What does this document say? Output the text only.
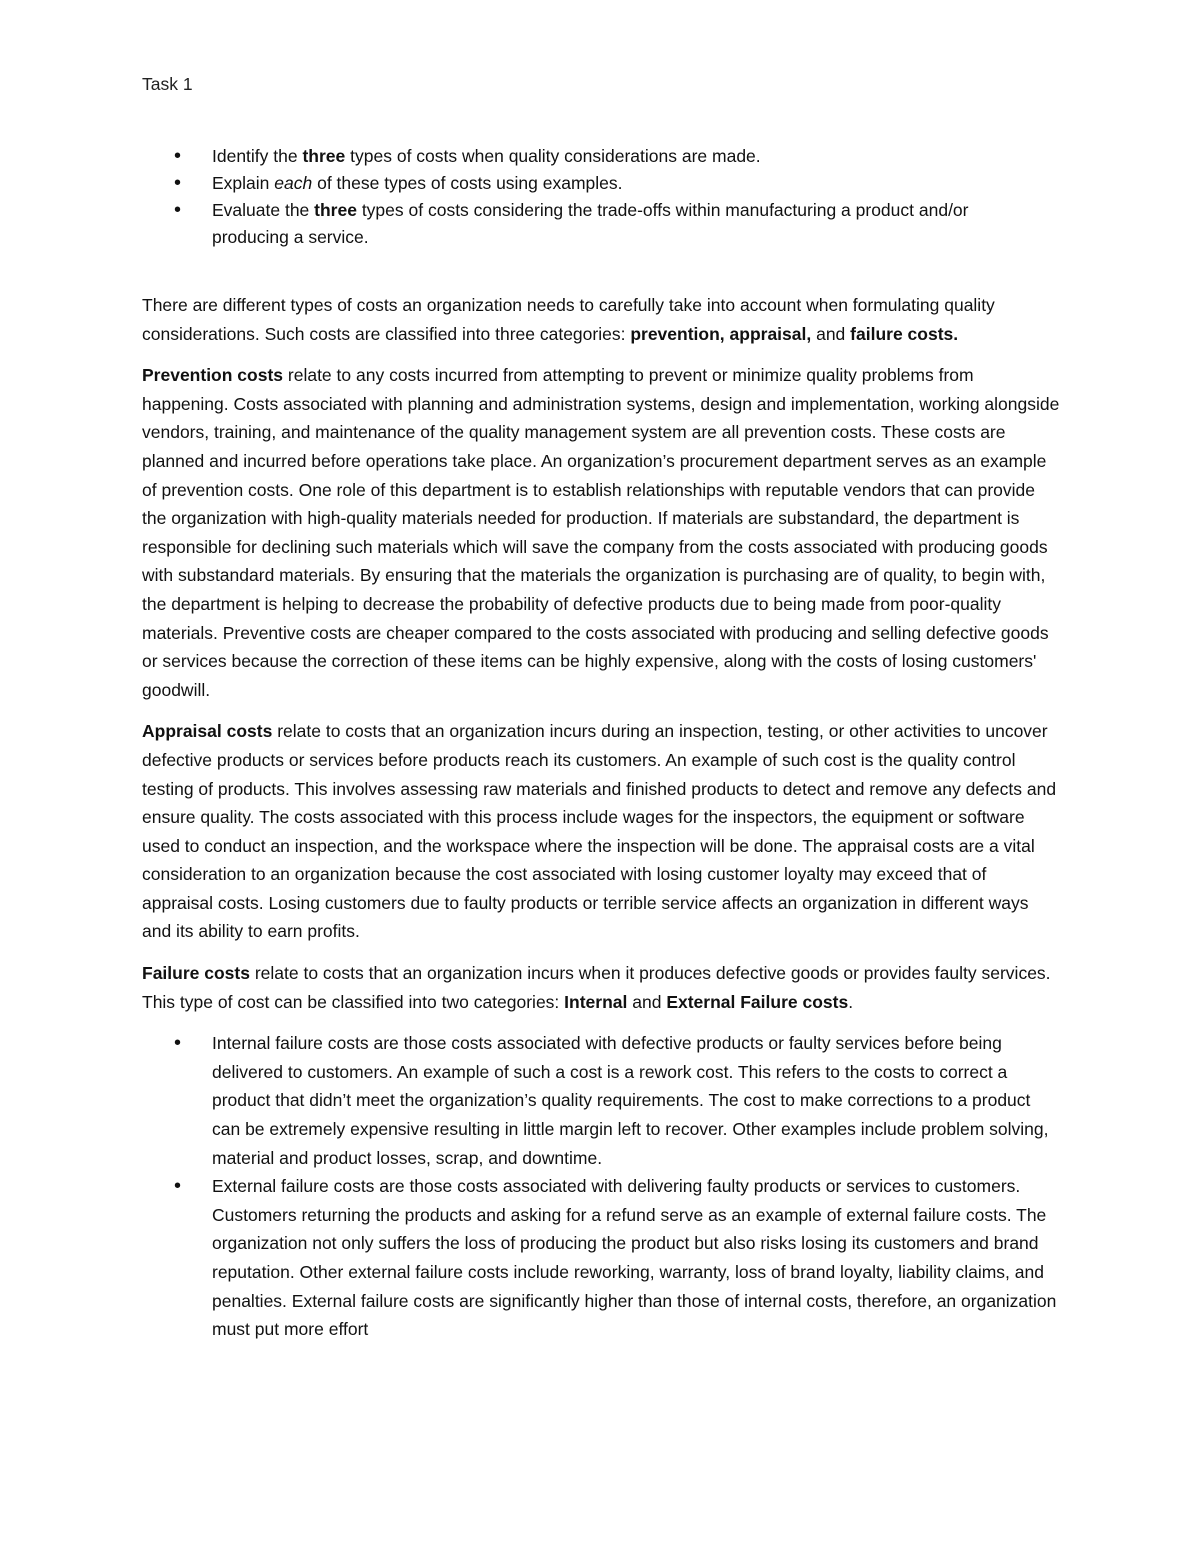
Task 1
• Identify the three types of costs when quality considerations are made.
• Explain each of these types of costs using examples.
• Evaluate the three types of costs considering the trade-offs within manufacturing a product and/or producing a service.

There are different types of costs an organization needs to carefully take into account when formulating quality considerations. Such costs are classified into three categories: prevention, appraisal, and failure costs.

Prevention costs relate to any costs incurred from attempting to prevent or minimize quality problems from happening. Costs associated with planning and administration systems, design and implementation, working alongside vendors, training, and maintenance of the quality management system are all prevention costs. These costs are planned and incurred before operations take place. An organization’s procurement department serves as an example of prevention costs. One role of this department is to establish relationships with reputable vendors that can provide the organization with high-quality materials needed for production. If materials are substandard, the department is responsible for declining such materials which will save the company from the costs associated with producing goods with substandard materials. By ensuring that the materials the organization is purchasing are of quality, to begin with, the department is helping to decrease the probability of defective products due to being made from poor-quality materials. Preventive costs are cheaper compared to the costs associated with producing and selling defective goods or services because the correction of these items can be highly expensive, along with the costs of losing customers' goodwill.

Appraisal costs relate to costs that an organization incurs during an inspection, testing, or other activities to uncover defective products or services before products reach its customers. An example of such cost is the quality control testing of products. This involves assessing raw materials and finished products to detect and remove any defects and ensure quality. The costs associated with this process include wages for the inspectors, the equipment or software used to conduct an inspection, and the workspace where the inspection will be done. The appraisal costs are a vital consideration to an organization because the cost associated with losing customer loyalty may exceed that of appraisal costs. Losing customers due to faulty products or terrible service affects an organization in different ways and its ability to earn profits.

Failure costs relate to costs that an organization incurs when it produces defective goods or provides faulty services. This type of cost can be classified into two categories: Internal and External Failure costs.

• Internal failure costs are those costs associated with defective products or faulty services before being delivered to customers. An example of such a cost is a rework cost. This refers to the costs to correct a product that didn’t meet the organization’s quality requirements. The cost to make corrections to a product can be extremely expensive resulting in little margin left to recover. Other examples include problem solving, material and product losses, scrap, and downtime.
• External failure costs are those costs associated with delivering faulty products or services to customers. Customers returning the products and asking for a refund serve as an example of external failure costs. The organization not only suffers the loss of producing the product but also risks losing its customers and brand reputation. Other external failure costs include reworking, warranty, loss of brand loyalty, liability claims, and penalties. External failure costs are significantly higher than those of internal costs, therefore, an organization must put more effort
